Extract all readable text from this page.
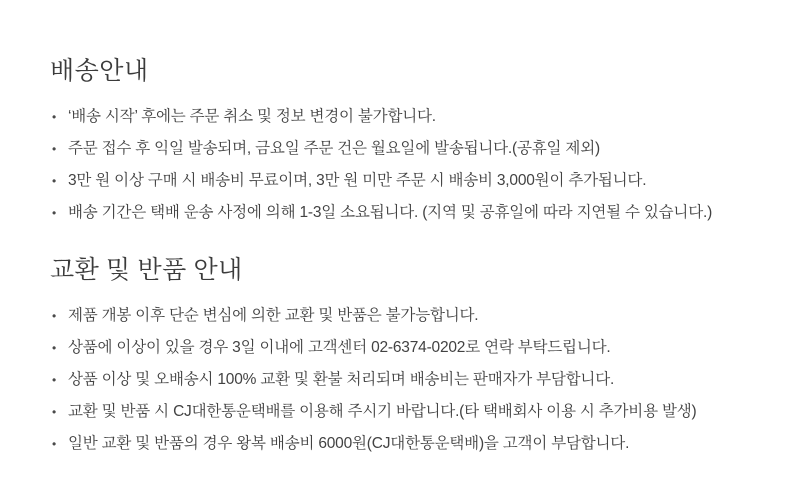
배송안내
• ‘배송 시작’ 후에는 주문 취소 및 정보 변경이 불가합니다.
• 주문 접수 후 익일 발송되며, 금요일 주문 건은 월요일에 발송됩니다.(공휴일 제외)
• 3만 원 이상 구매 시 배송비 무료이며, 3만 원 미만 주문 시 배송비 3,000원이 추가됩니다.
• 배송 기간은 택배 운송 사정에 의해 1-3일 소요됩니다. (지역 및 공휴일에 따라 지연될 수 있습니다.)
교환 및 반품 안내
• 제품 개봉 이후 단순 변심에 의한 교환 및 반품은 불가능합니다.
• 상품에 이상이 있을 경우 3일 이내에 고객센터 02-6374-0202로 연락 부탁드립니다.
• 상품 이상 및 오배송시 100% 교환 및 환불 처리되며 배송비는 판매자가 부담합니다.
• 교환 및 반품 시 CJ대한통운택배를 이용해 주시기 바랍니다.(타 택배회사 이용 시 추가비용 발생)
• 일반 교환 및 반품의 경우 왕복 배송비 6000원(CJ대한통운택배)을 고객이 부담합니다.
